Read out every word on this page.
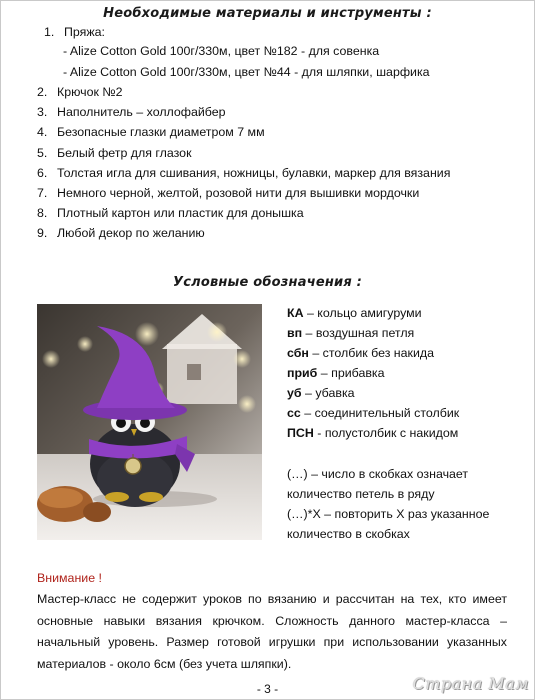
Необходимые материалы и инструменты :
1. Пряжа:
- Alize Cotton Gold 100г/330м, цвет №182 - для совенка
- Alize Cotton Gold 100г/330м, цвет №44 - для шляпки, шарфика
2. Крючок №2
3. Наполнитель – холлофайбер
4. Безопасные глазки диаметром 7 мм
5. Белый фетр для глазок
6. Толстая игла для сшивания, ножницы, булавки, маркер для вязания
7. Немного черной, желтой, розовой нити для вышивки мордочки
8. Плотный картон или пластик для донышка
9. Любой декор по желанию
Условные обозначения :
КА – кольцо амигуруми
вп – воздушная петля
сбн – столбик без накида
приб – прибавка
уб – убавка
сс – соединительный столбик
ПСН - полустолбик с накидом
(…) – число в скобках означает
количество петель в ряду
(…)*Х – повторить Х раз указанное
количество в скобках
Внимание !
Мастер-класс не содержит уроков по вязанию и рассчитан на тех, кто имеет основные навыки вязания крючком. Сложность данного мастер-класса – начальный уровень. Размер готовой игрушки при использовании указанных материалов - около 6см (без учета шляпки).
- 3 -	Страна Мам
